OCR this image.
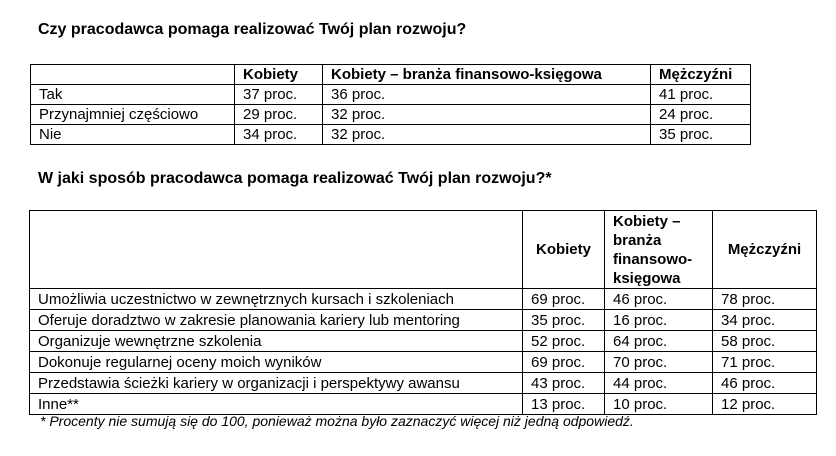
Czy pracodawca pomaga realizować Twój plan rozwoju?
	Kobiety	Kobiety – branża finansowo-księgowa	Mężczyźni
Tak	37 proc.	36 proc.	41 proc.
Przynajmniej częściowo	29 proc.	32 proc.	24 proc.
Nie	34 proc.	32 proc.	35 proc.
W jaki sposób pracodawca pomaga realizować Twój plan rozwoju?*
	Kobiety	Kobiety – branża finansowo-księgowa	Mężczyźni
Umożliwia uczestnictwo w zewnętrznych kursach i szkoleniach	69 proc.	46 proc.	78 proc.
Oferuje doradztwo w zakresie planowania kariery lub mentoring	35 proc.	16 proc.	34 proc.
Organizuje wewnętrzne szkolenia	52 proc.	64 proc.	58 proc.
Dokonuje regularnej oceny moich wyników	69 proc.	70 proc.	71 proc.
Przedstawia ścieżki kariery w organizacji i perspektywy awansu	43 proc.	44 proc.	46 proc.
Inne**	13 proc.	10 proc.	12 proc.

* Procenty nie sumują się do 100, ponieważ można było zaznaczyć więcej niż jedną odpowiedź.
